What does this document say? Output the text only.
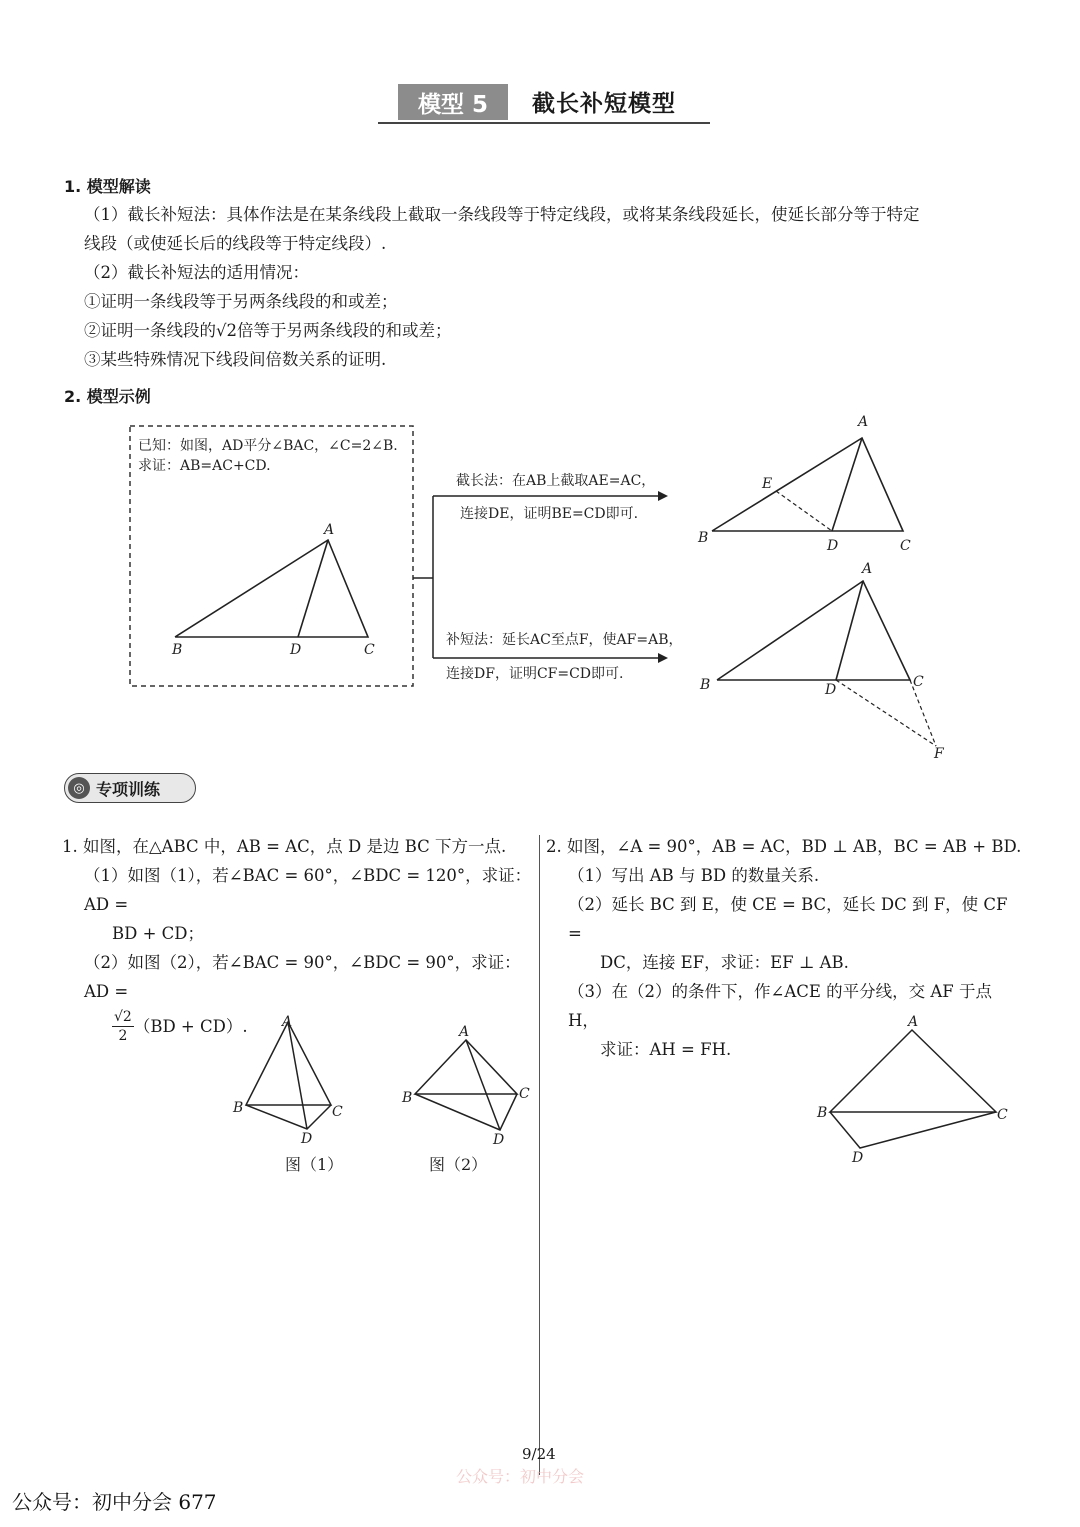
模型 5	截长补短模型
1. 模型解读
（1）截长补短法：具体作法是在某条线段上截取一条线段等于特定线段，或将某条线段延长，使延长部分等于特定
线段（或使延长后的线段等于特定线段）.
（2）截长补短法的适用情况：
①证明一条线段等于另两条线段的和或差；
②证明一条线段的√2倍等于另两条线段的和或差；
③某些特殊情况下线段间倍数关系的证明.
2. 模型示例
已知：如图，AD平分∠BAC，∠C=2∠B.
求证：AB=AC+CD.
A
B	D	C
截长法：在AB上截取AE=AC，
连接DE，证明BE=CD即可.
补短法：延长AC至点F，使AF=AB，
连接DF，证明CF=CD即可.
A
E
B	D	C
A
B	D	C
F
◎ 专项训练
1. 如图，在△ABC 中，AB = AC，点 D 是边 BC 下方一点.
（1）如图（1），若∠BAC = 60°，∠BDC = 120°，求证：AD =
BD + CD；
（2）如图（2），若∠BAC = 90°，∠BDC = 90°，求证：AD =
$\frac{√2}{2} (BD + CD)$. A
B	C
D
图（1）
A
B	C
D
图（2）
2. 如图，∠A = 90°，AB = AC，BD ⊥ AB，BC = AB + BD.
（1）写出 AB 与 BD 的数量关系.
（2）延长 BC 到 E，使 CE = BC，延长 DC 到 F，使 CF =
DC，连接 EF，求证：EF ⊥ AB.
（3）在（2）的条件下，作∠ACE 的平分线，交 AF 于点 H，
求证：AH = FH.
A
B	C
D
9/24
公众号：初中分会
公众号：初中分会 677
